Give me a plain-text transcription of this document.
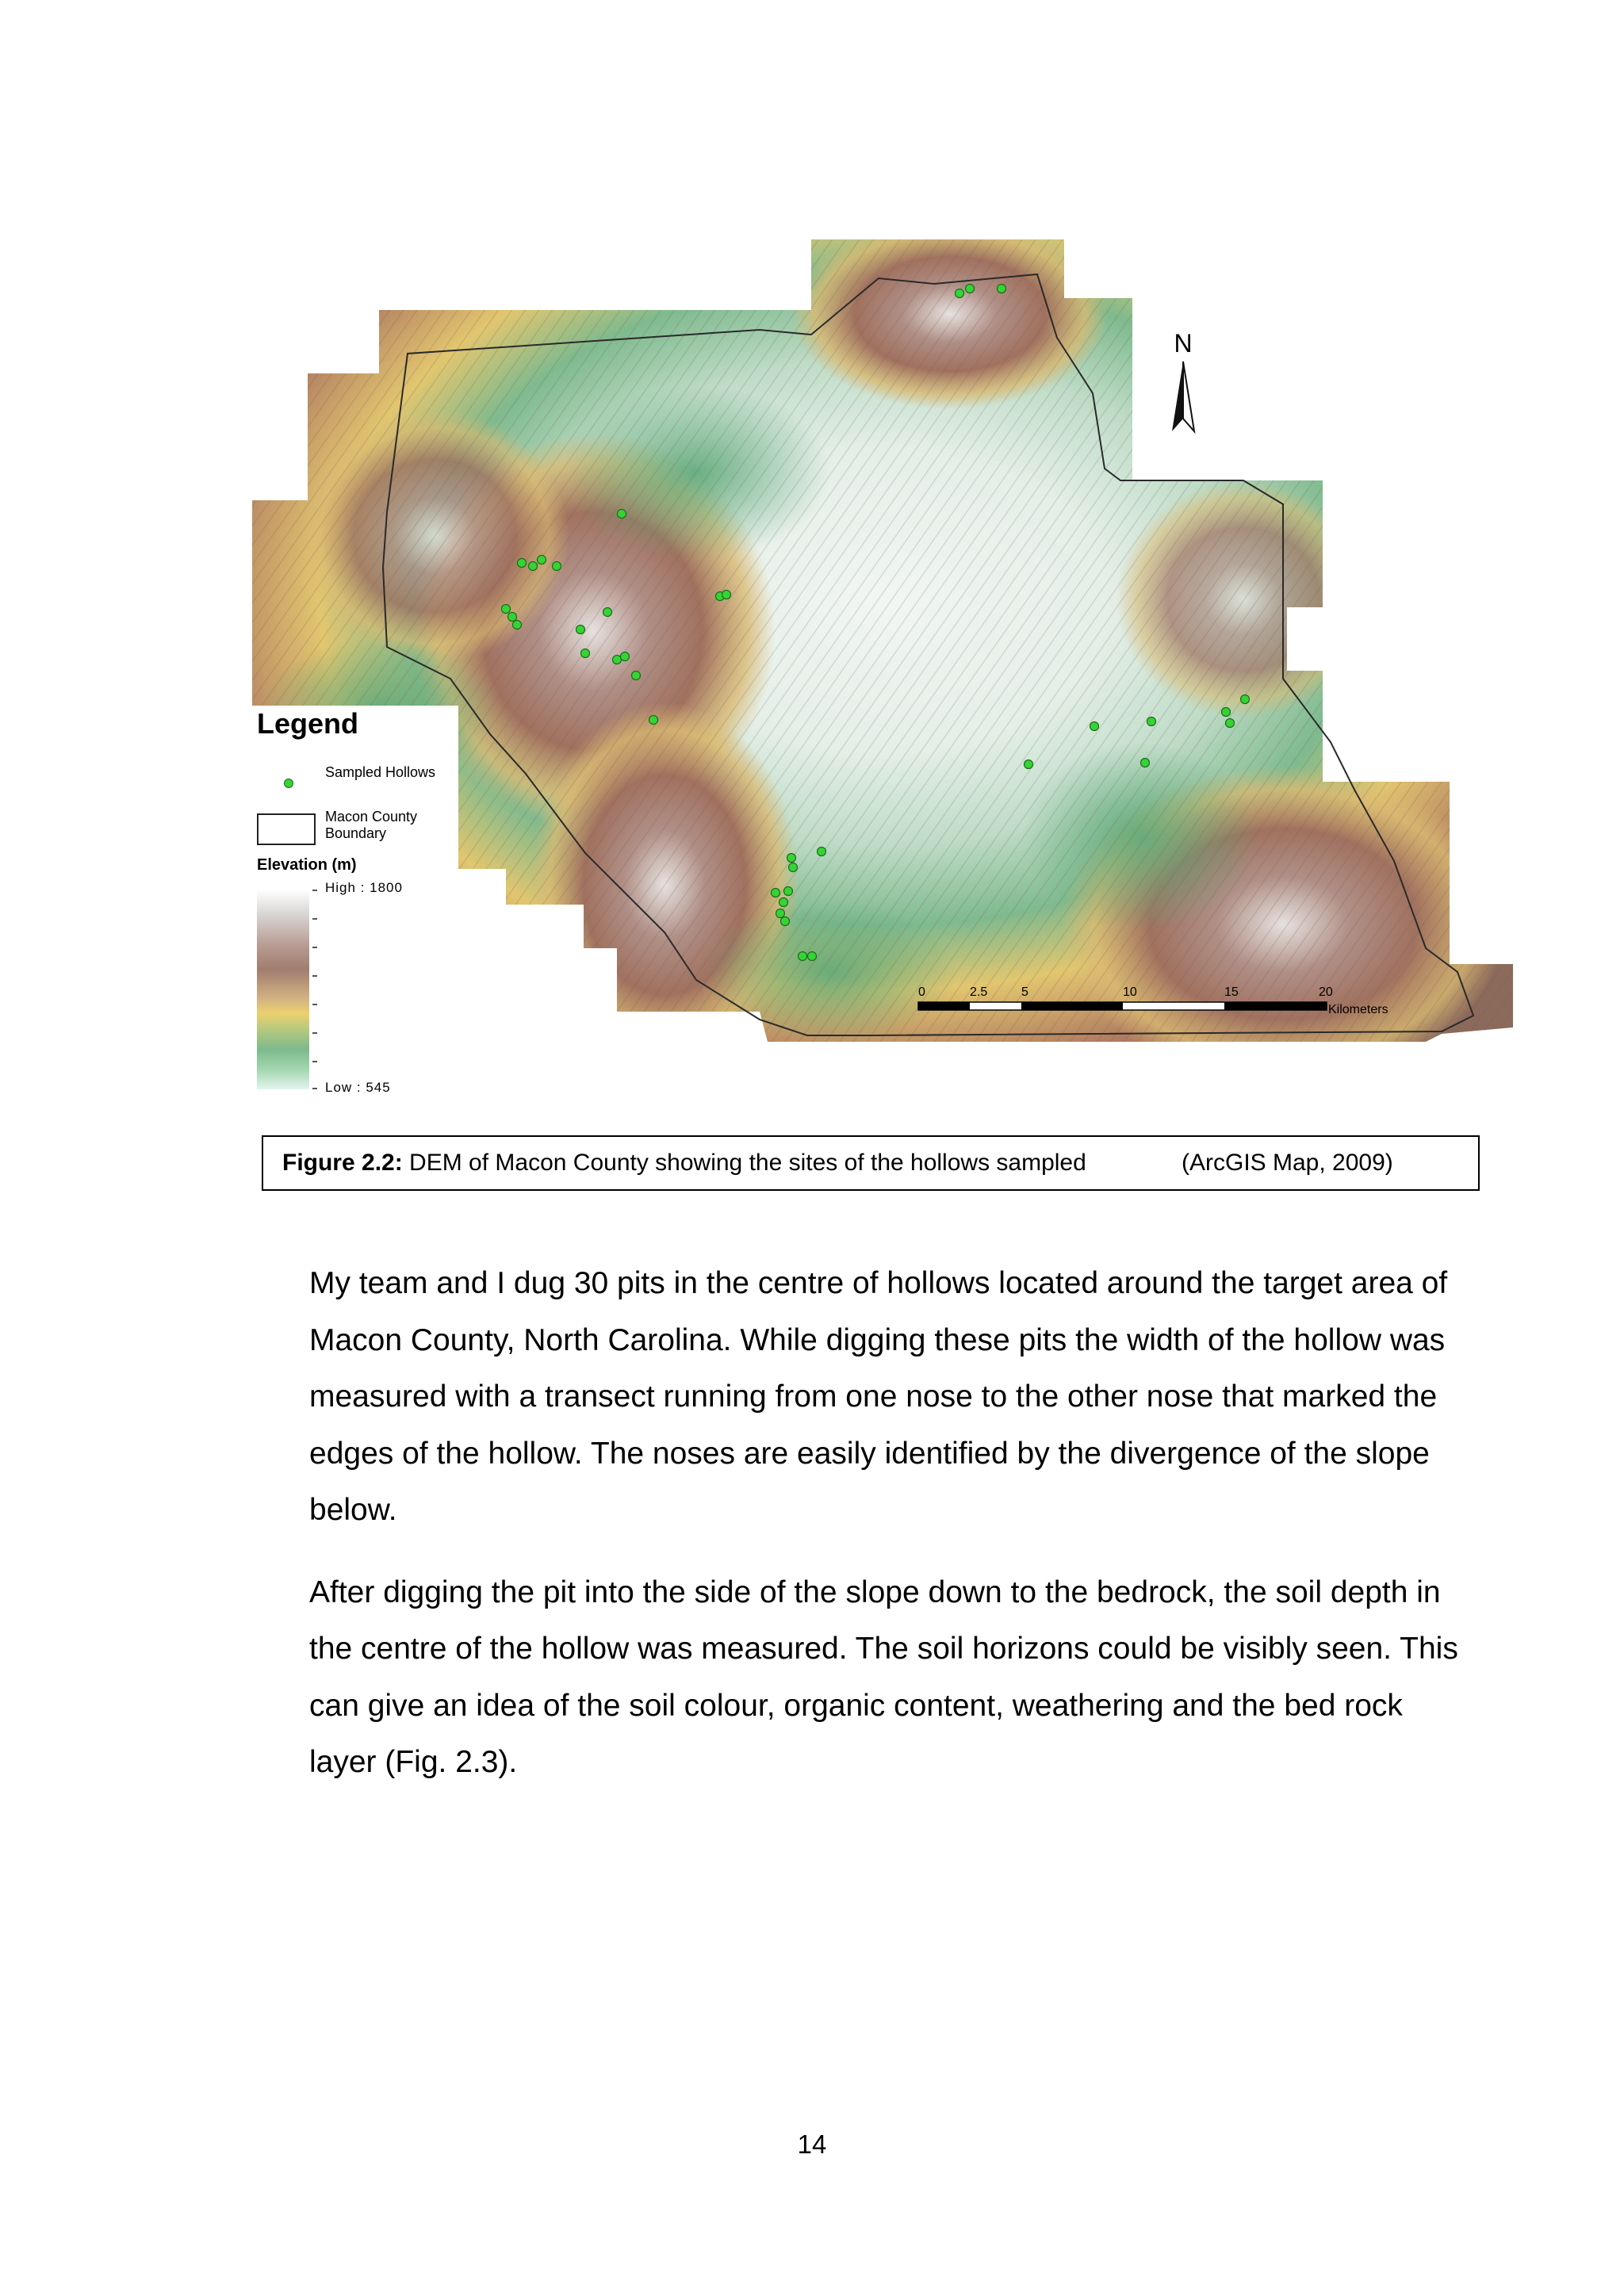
N
0	2.5	5	10	15	20
Kilometers
Legend
Sampled Hollows
Macon County Boundary
Elevation (m)
High : 1800
Low : 545
Figure 2.2:
DEM of Macon County showing the sites of the hollows sampled	(ArcGIS Map, 2009)

My team and I dug 30 pits in the centre of hollows located around the target area of Macon County, North Carolina. While digging these pits the width of the hollow was measured with a transect running from one nose to the other nose that marked the edges of the hollow. The noses are easily identified by the divergence of the slope below.

After digging the pit into the side of the slope down to the bedrock, the soil depth in the centre of the hollow was measured. The soil horizons could be visibly seen. This can give an idea of the soil colour, organic content, weathering and the bed rock layer (Fig. 2.3).

14
